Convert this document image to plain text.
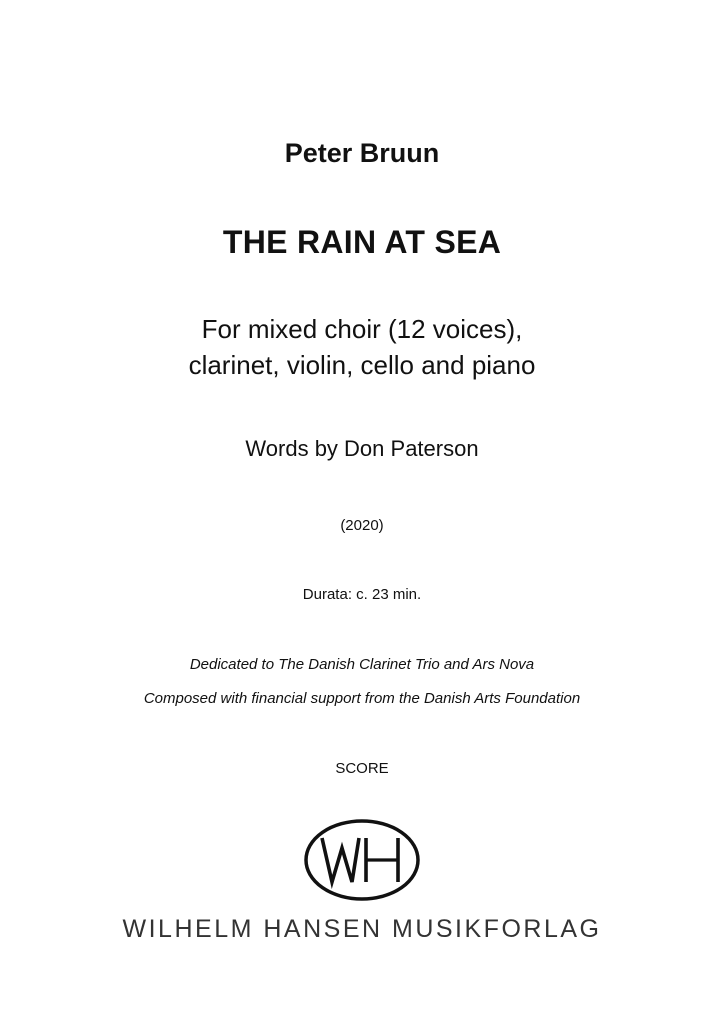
Peter Bruun
THE RAIN AT SEA
For mixed choir (12 voices),
clarinet, violin, cello and piano
Words by Don Paterson
(2020)
Durata: c. 23 min.
Dedicated to The Danish Clarinet Trio and Ars Nova
Composed with financial support from the Danish Arts Foundation
SCORE
WILHELM HANSEN MUSIKFORLAG
